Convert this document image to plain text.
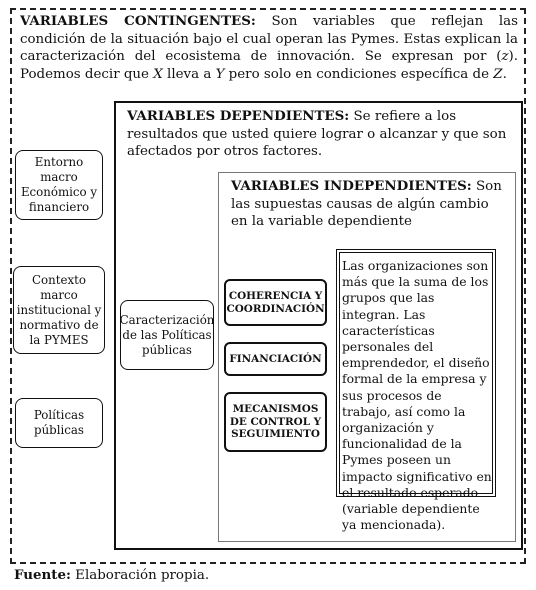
VARIABLES CONTINGENTES: Son variables que reflejan las condición de la situación bajo el cual operan las Pymes. Estas explican la caracterización del ecosistema de innovación. Se expresan por (z). Podemos decir que X lleva a Y pero solo en condiciones específica de Z.
Entorno macro Económico y financiero
Contexto marco institucional y normativo de la PYMES
Políticas públicas
VARIABLES DEPENDIENTES: Se refiere a los resultados que usted quiere lograr o alcanzar y que son afectados por otros factores.
Caracterización de las Políticas públicas
VARIABLES INDEPENDIENTES: Son las supuestas causas de algún cambio en la variable dependiente
COHERENCIA Y COORDINACIÓN
FINANCIACIÓN
MECANISMOS DE CONTROL Y SEGUIMIENTO
Las organizaciones son más que la suma de los grupos que las integran. Las características personales del emprendedor, el diseño formal de la empresa y sus procesos de trabajo, así como la organización y funcionalidad de la Pymes poseen un impacto significativo en el resultado esperado (variable dependiente ya mencionada).
Fuente: Elaboración propia.
